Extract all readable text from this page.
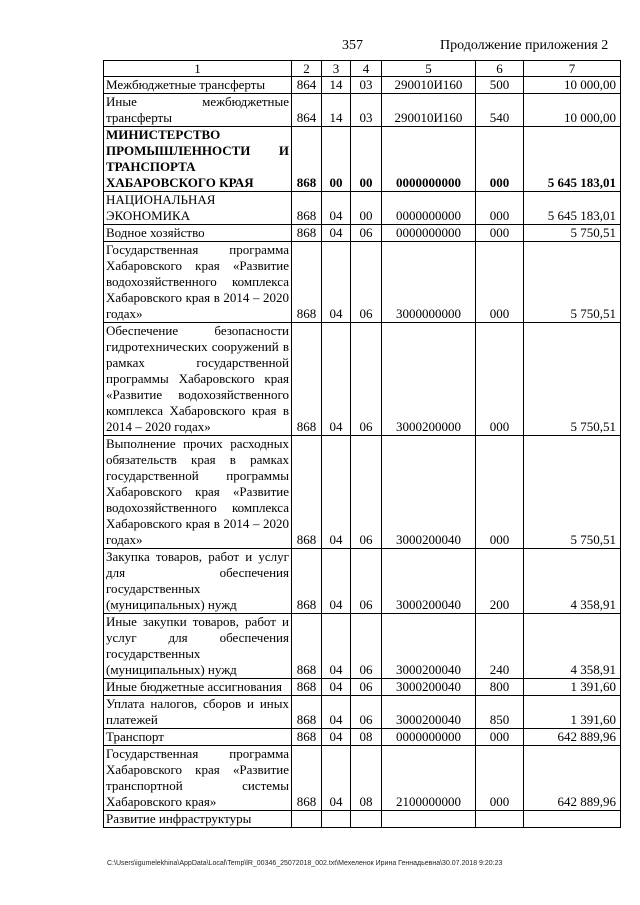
357	Продолжение приложения 2
1	2	3	4	5	6	7
Межбюджетные трансферты	864	14	03	290010И160	500	10 000,00
Иные межбюджетные трансферты	864	14	03	290010И160	540	10 000,00
МИНИСТЕРСТВО ПРОМЫШЛЕННОСТИ И ТРАНСПОРТА ХАБАРОВСКОГО КРАЯ	868	00	00	0000000000	000	5 645 183,01
НАЦИОНАЛЬНАЯ ЭКОНОМИКА	868	04	00	0000000000	000	5 645 183,01
Водное хозяйство	868	04	06	0000000000	000	5 750,51
Государственная программа Хабаровского края «Развитие водохозяйственного комплекса Хабаровского края в 2014 – 2020 годах»	868	04	06	3000000000	000	5 750,51
Обеспечение безопасности гидротехнических сооружений в рамках государственной программы Хабаровского края «Развитие водохозяйственного комплекса Хабаровского края в 2014 – 2020 годах»	868	04	06	3000200000	000	5 750,51
Выполнение прочих расходных обязательств края в рамках государственной программы Хабаровского края «Развитие водохозяйственного комплекса Хабаровского края в 2014 – 2020 годах»	868	04	06	3000200040	000	5 750,51
Закупка товаров, работ и услуг для обеспечения государственных (муниципальных) нужд	868	04	06	3000200040	200	4 358,91
Иные закупки товаров, работ и услуг для обеспечения государственных (муниципальных) нужд	868	04	06	3000200040	240	4 358,91
Иные бюджетные ассигнования	868	04	06	3000200040	800	1 391,60
Уплата налогов, сборов и иных платежей	868	04	06	3000200040	850	1 391,60
Транспорт	868	04	08	0000000000	000	642 889,96
Государственная программа Хабаровского края «Развитие транспортной системы Хабаровского края»	868	04	08	2100000000	000	642 889,96
Развитие инфраструктуры						
C:\Users\igumelekhina\AppData\Local\Temp\lR_00346_25072018_002.txt\Мехеленок Ирина Геннадьевна\30.07.2018 9:20:23
